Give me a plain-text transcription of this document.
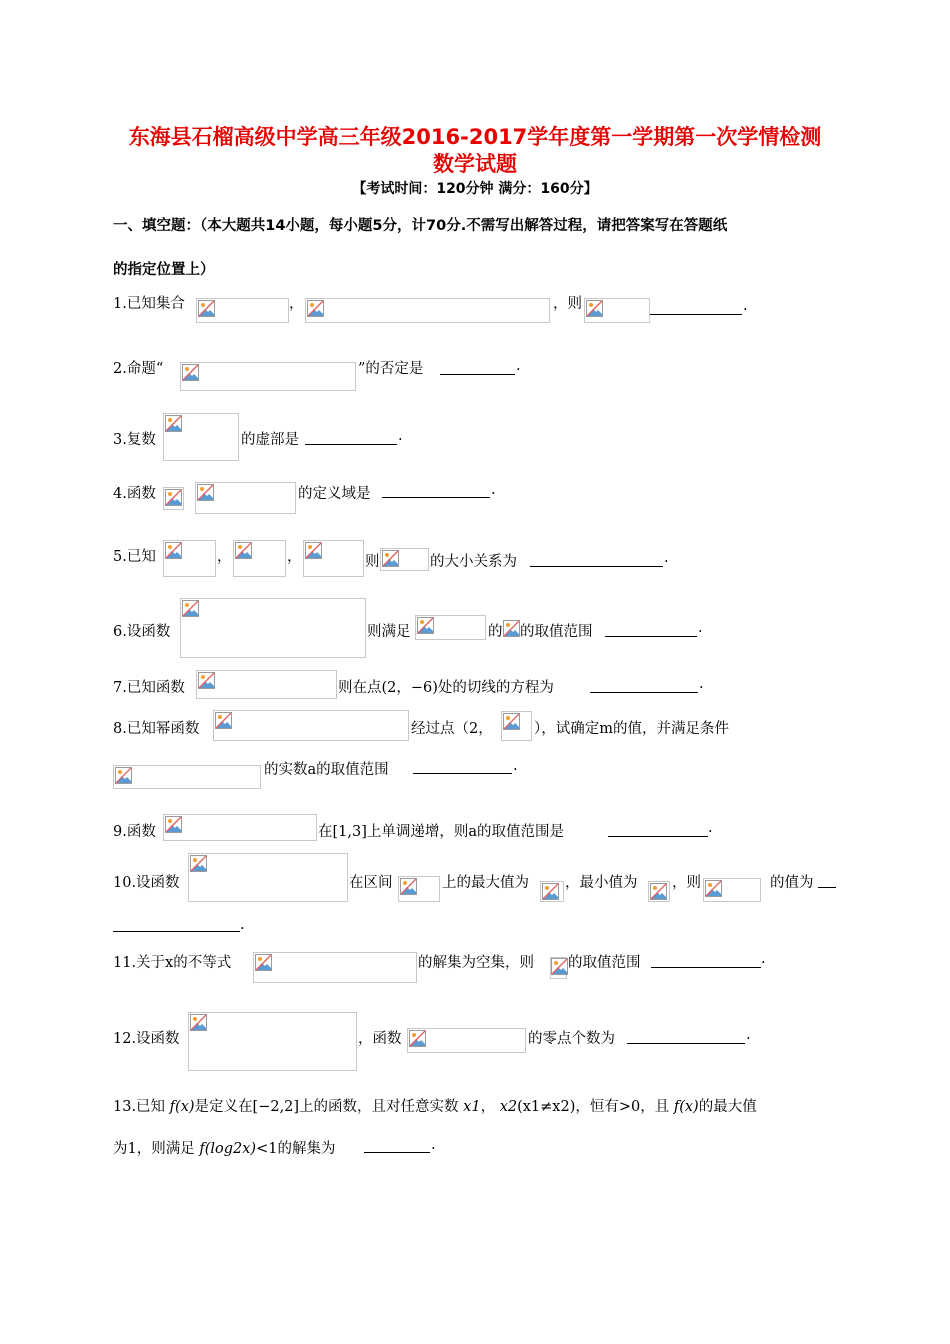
东海县石榴高级中学高三年级2016-2017学年度第一学期第一次学情检测
数学试题
【考试时间：120分钟 满分：160分】
一、填空题：（本大题共14小题，每小题5分，计70分.不需写出解答过程，请把答案写在答题纸
的指定位置上）
1.已知集合	，	，则	.
2.命题“	”的否定是	.
3.复数	的虚部是	.
4.函数	的定义域是	.
5.已知	，	，	则	的大小关系为	.
6.设函数	则满足	的 的取值范围	.
7.已知函数	则在点(2，−6)处的切线的方程为	.
8.已知幂函数	经过点（2，	），试确定m的值，并满足条件
的实数a的取值范围	.
9.函数	在[1,3]上单调递增，则a的取值范围是	.
10.设函数	在区间	上的最大值为 ，最小值为 ，则	的值为
.
11.关于x的不等式	的解集为空集，则 的取值范围	.
12.设函数	，函数	的零点个数为	.
13.已知 f(x)是定义在[−2,2]上的函数，且对任意实数 x1， x2(x1≠x2)，恒有>0，且 f(x)的最大值
为1，则满足 f(log2x)<1的解集为	.
